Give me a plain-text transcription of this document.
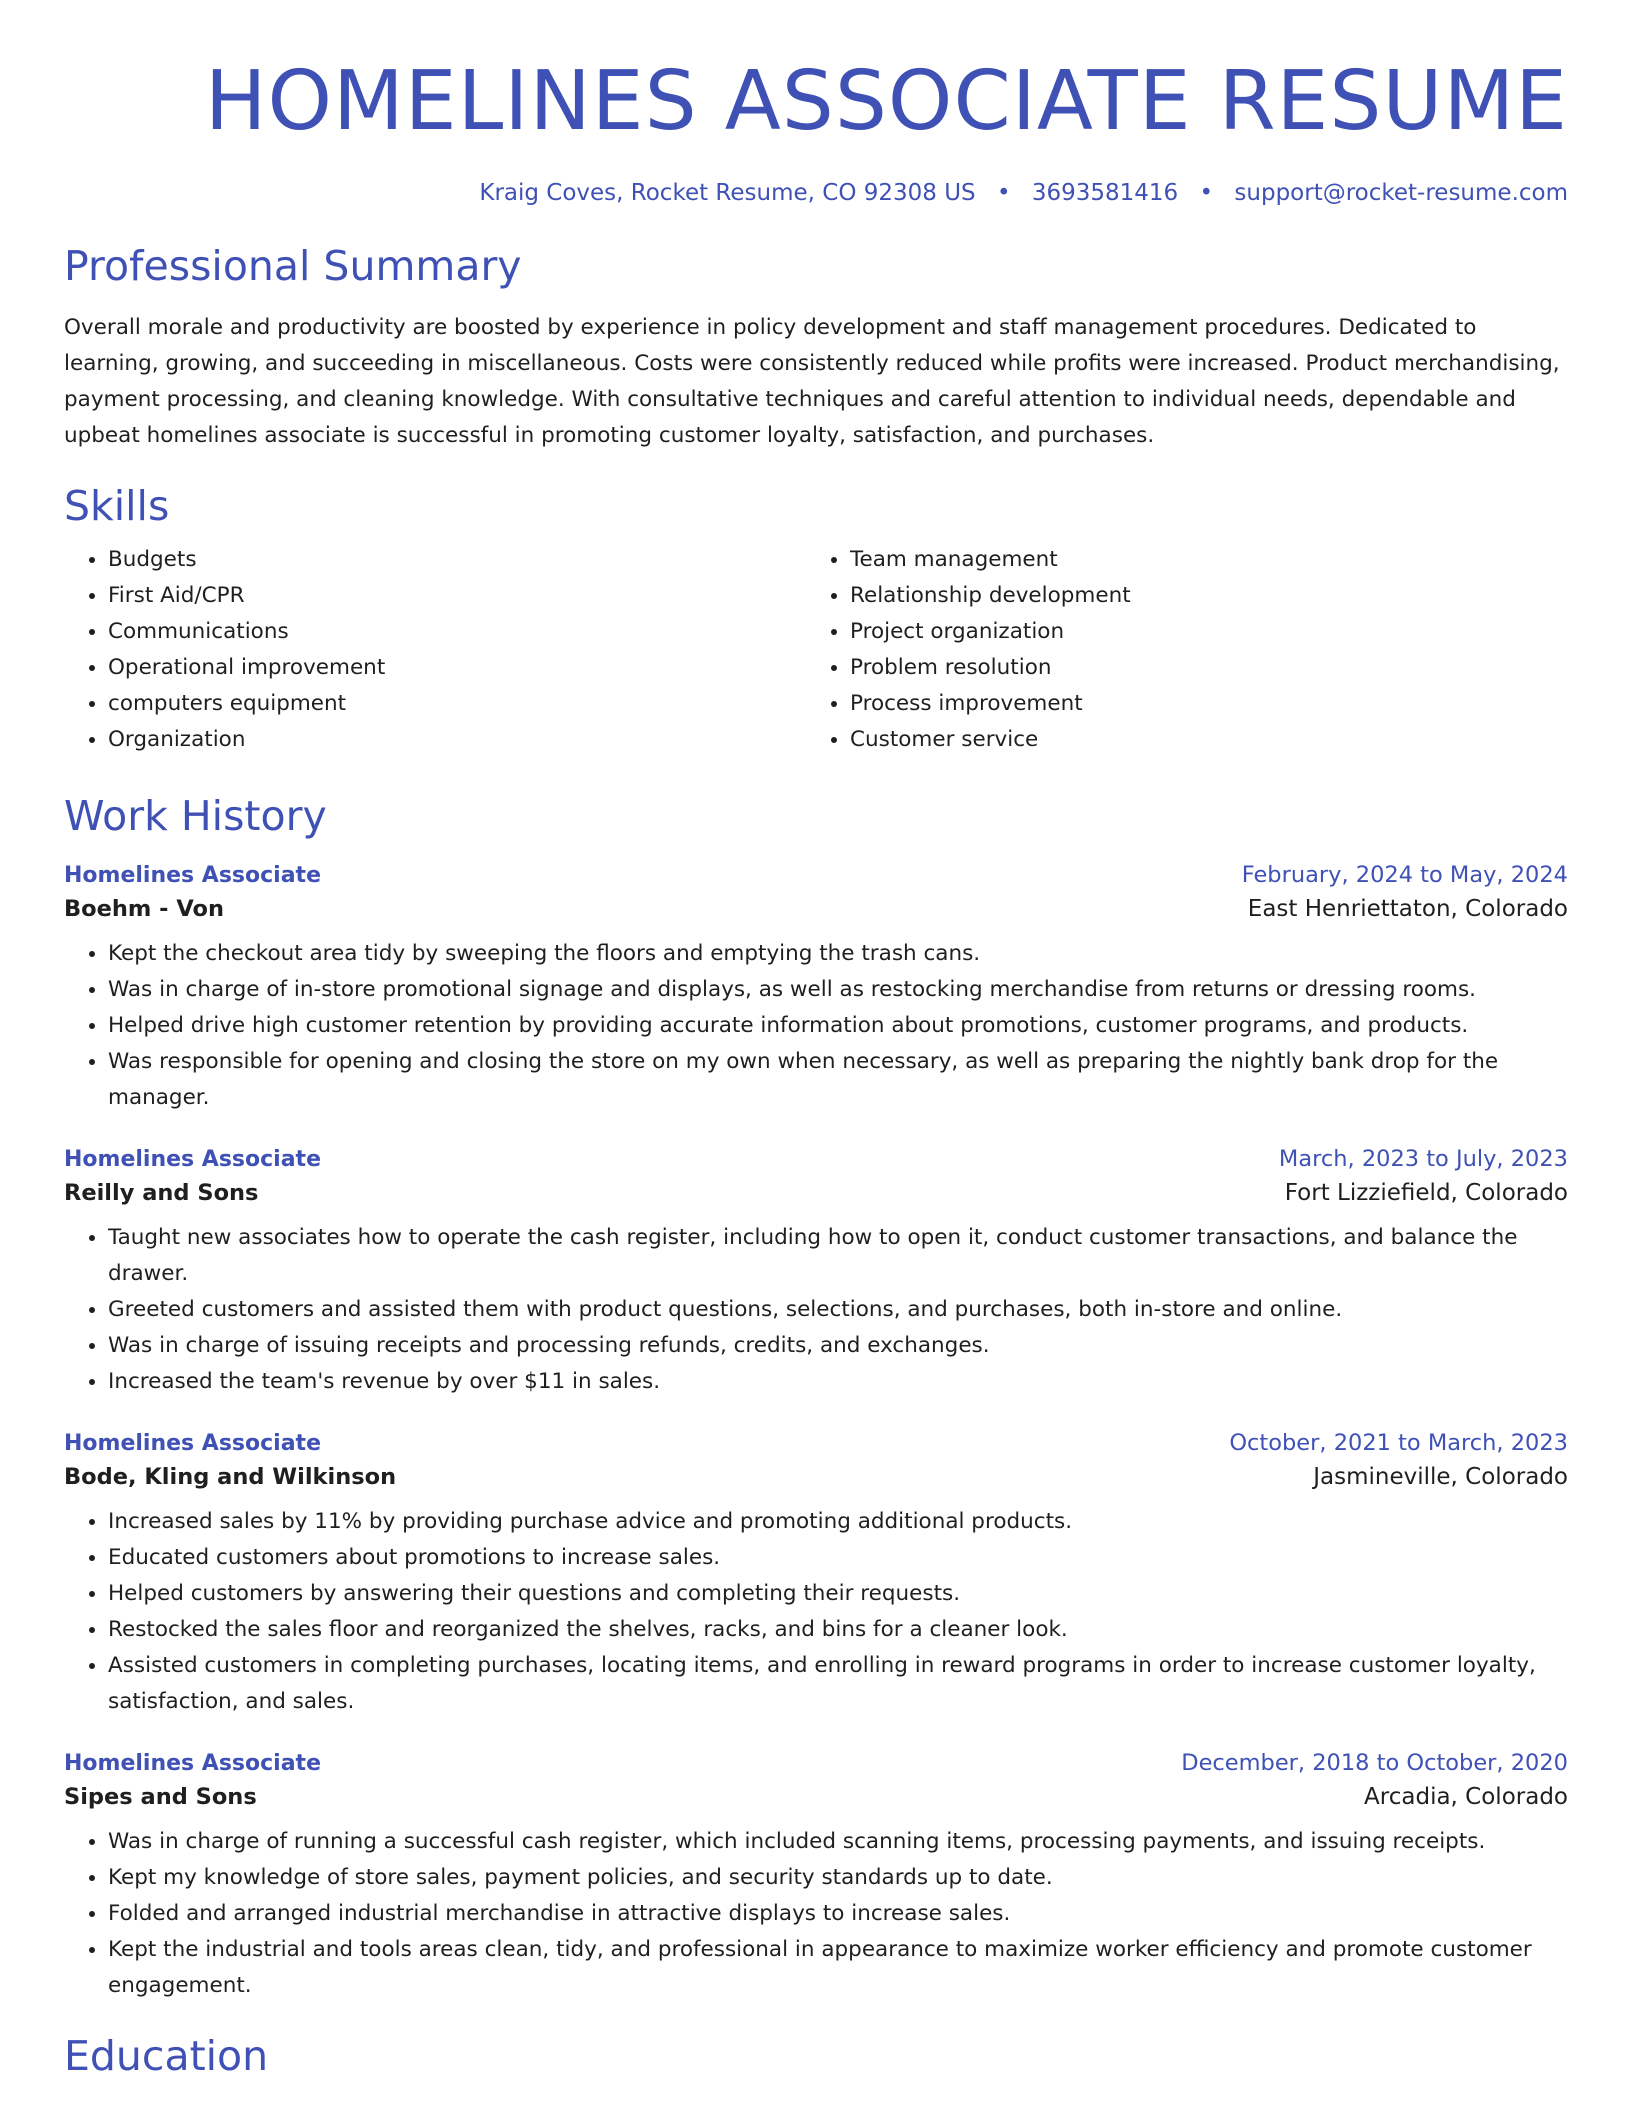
HOMELINES ASSOCIATE RESUME
Kraig Coves, Rocket Resume, CO 92308 US • 3693581416 • support@rocket-resume.com
Professional Summary

Overall morale and productivity are boosted by experience in policy development and staff management procedures. Dedicated to learning, growing, and succeeding in miscellaneous. Costs were consistently reduced while profits were increased. Product merchandising, payment processing, and cleaning knowledge. With consultative techniques and careful attention to individual needs, dependable and upbeat homelines associate is successful in promoting customer loyalty, satisfaction, and purchases.

Skills
• Budgets
• First Aid/CPR
• Communications
• Operational improvement
• computers equipment
• Organization
• Team management
• Relationship development
• Project organization
• Problem resolution
• Process improvement
• Customer service
Work History
Homelines Associate	February, 2024 to May, 2024
Boehm - Von	East Henriettaton, Colorado
• Kept the checkout area tidy by sweeping the floors and emptying the trash cans.
• Was in charge of in-store promotional signage and displays, as well as restocking merchandise from returns or dressing rooms.
• Helped drive high customer retention by providing accurate information about promotions, customer programs, and products.
• Was responsible for opening and closing the store on my own when necessary, as well as preparing the nightly bank drop for the manager.
Homelines Associate	March, 2023 to July, 2023
Reilly and Sons	Fort Lizziefield, Colorado
• Taught new associates how to operate the cash register, including how to open it, conduct customer transactions, and balance the drawer.
• Greeted customers and assisted them with product questions, selections, and purchases, both in-store and online.
• Was in charge of issuing receipts and processing refunds, credits, and exchanges.
• Increased the team's revenue by over $11 in sales.
Homelines Associate	October, 2021 to March, 2023
Bode, Kling and Wilkinson	Jasmineville, Colorado
• Increased sales by 11% by providing purchase advice and promoting additional products.
• Educated customers about promotions to increase sales.
• Helped customers by answering their questions and completing their requests.
• Restocked the sales floor and reorganized the shelves, racks, and bins for a cleaner look.
• Assisted customers in completing purchases, locating items, and enrolling in reward programs in order to increase customer loyalty, satisfaction, and sales.
Homelines Associate	December, 2018 to October, 2020
Sipes and Sons	Arcadia, Colorado
• Was in charge of running a successful cash register, which included scanning items, processing payments, and issuing receipts.
• Kept my knowledge of store sales, payment policies, and security standards up to date.
• Folded and arranged industrial merchandise in attractive displays to increase sales.
• Kept the industrial and tools areas clean, tidy, and professional in appearance to maximize worker efficiency and promote customer engagement.
Education
